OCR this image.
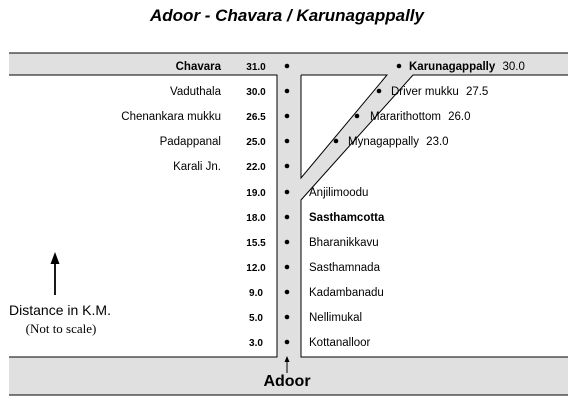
Adoor - Chavara / Karunagappally
Adoor
Distance in K.M.
(Not to scale)
Chavara	31.0
Vaduthala	30.0
Chenankara mukku	26.5
Padappanal	25.0
Karali Jn.	22.0
19.0	Anjilimoodu
18.0	Sasthamcotta
15.5	Bharanikkavu
12.0	Sasthamnada
9.0	Kadambanadu
5.0	Nellimukal
3.0	Kottanalloor
Karunagappally 30.0
Driver mukku 27.5
Mararithottom 26.0
Mynagappally 23.0
